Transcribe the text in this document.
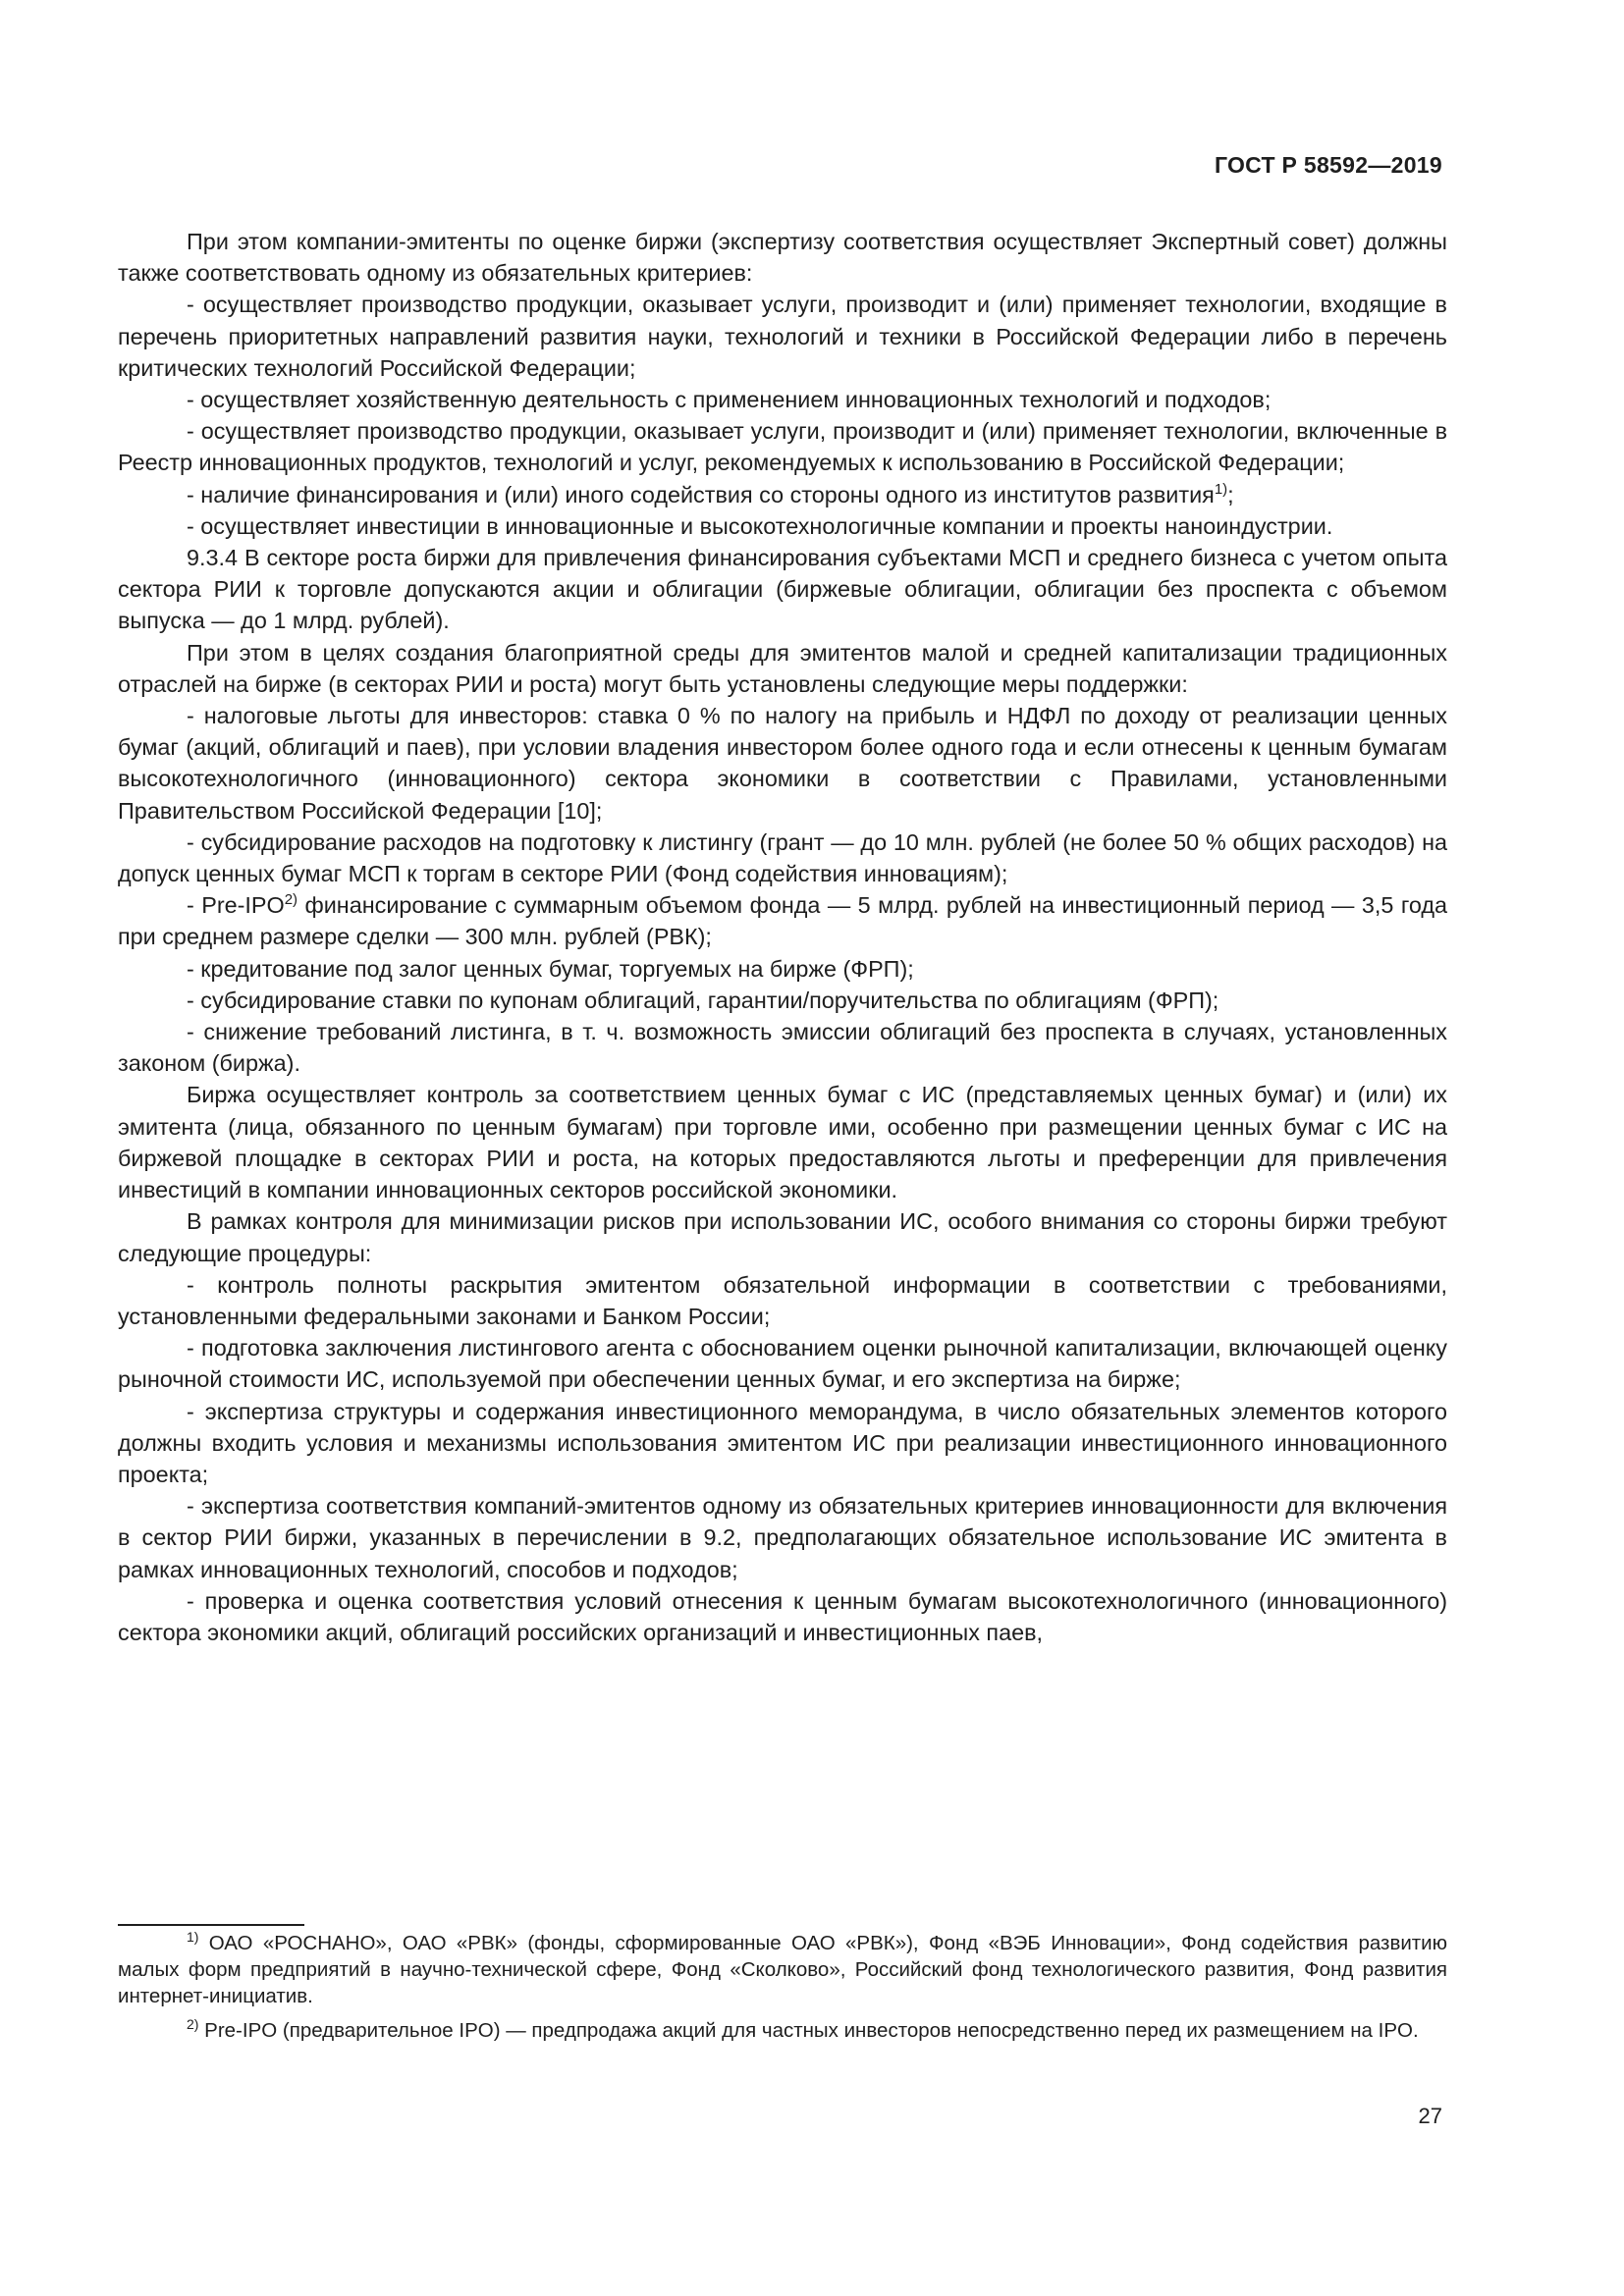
ГОСТ Р 58592—2019

При этом компании-эмитенты по оценке биржи (экспертизу соответствия осуществляет Экспертный совет) должны также соответствовать одному из обязательных критериев:

- осуществляет производство продукции, оказывает услуги, производит и (или) применяет технологии, входящие в перечень приоритетных направлений развития науки, технологий и техники в Российской Федерации либо в перечень критических технологий Российской Федерации;

- осуществляет хозяйственную деятельность с применением инновационных технологий и подходов;

- осуществляет производство продукции, оказывает услуги, производит и (или) применяет технологии, включенные в Реестр инновационных продуктов, технологий и услуг, рекомендуемых к использованию в Российской Федерации;

- наличие финансирования и (или) иного содействия со стороны одного из институтов развития$^{1)}$;

- осуществляет инвестиции в инновационные и высокотехнологичные компании и проекты наноиндустрии.

9.3.4 В секторе роста биржи для привлечения финансирования субъектами МСП и среднего бизнеса с учетом опыта сектора РИИ к торговле допускаются акции и облигации (биржевые облигации, облигации без проспекта с объемом выпуска — до 1 млрд. рублей).

При этом в целях создания благоприятной среды для эмитентов малой и средней капитализации традиционных отраслей на бирже (в секторах РИИ и роста) могут быть установлены следующие меры поддержки:

- налоговые льготы для инвесторов: ставка 0 % по налогу на прибыль и НДФЛ по доходу от реализации ценных бумаг (акций, облигаций и паев), при условии владения инвестором более одного года и если отнесены к ценным бумагам высокотехнологичного (инновационного) сектора экономики в соответствии с Правилами, установленными Правительством Российской Федерации [10];

- субсидирование расходов на подготовку к листингу (грант — до 10 млн. рублей (не более 50 % общих расходов) на допуск ценных бумаг МСП к торгам в секторе РИИ (Фонд содействия инновациям);

- Pre-IPO$^{2)}$ финансирование с суммарным объемом фонда — 5 млрд. рублей на инвестиционный период — 3,5 года при среднем размере сделки — 300 млн. рублей (РВК);

- кредитование под залог ценных бумаг, торгуемых на бирже (ФРП);

- субсидирование ставки по купонам облигаций, гарантии/поручительства по облигациям (ФРП);

- снижение требований листинга, в т. ч. возможность эмиссии облигаций без проспекта в случаях, установленных законом (биржа).

Биржа осуществляет контроль за соответствием ценных бумаг с ИС (представляемых ценных бумаг) и (или) их эмитента (лица, обязанного по ценным бумагам) при торговле ими, особенно при размещении ценных бумаг с ИС на биржевой площадке в секторах РИИ и роста, на которых предоставляются льготы и преференции для привлечения инвестиций в компании инновационных секторов российской экономики.

В рамках контроля для минимизации рисков при использовании ИС, особого внимания со стороны биржи требуют следующие процедуры:

- контроль полноты раскрытия эмитентом обязательной информации в соответствии с требованиями, установленными федеральными законами и Банком России;

- подготовка заключения листингового агента с обоснованием оценки рыночной капитализации, включающей оценку рыночной стоимости ИС, используемой при обеспечении ценных бумаг, и его экспертиза на бирже;

- экспертиза структуры и содержания инвестиционного меморандума, в число обязательных элементов которого должны входить условия и механизмы использования эмитентом ИС при реализации инвестиционного инновационного проекта;

- экспертиза соответствия компаний-эмитентов одному из обязательных критериев инновационности для включения в сектор РИИ биржи, указанных в перечислении в 9.2, предполагающих обязательное использование ИС эмитента в рамках инновационных технологий, способов и подходов;

- проверка и оценка соответствия условий отнесения к ценным бумагам высокотехнологичного (инновационного) сектора экономики акций, облигаций российских организаций и инвестиционных паев,

$^{1)}$ ОАО «РОСНАНО», ОАО «РВК» (фонды, сформированные ОАО «РВК»), Фонд «ВЭБ Инновации», Фонд содействия развитию малых форм предприятий в научно-технической сфере, Фонд «Сколково», Российский фонд технологического развития, Фонд развития интернет-инициатив.

$^{2)}$ Pre-IPO (предварительное IPO) — предпродажа акций для частных инвесторов непосредственно перед их размещением на IPO.

27
